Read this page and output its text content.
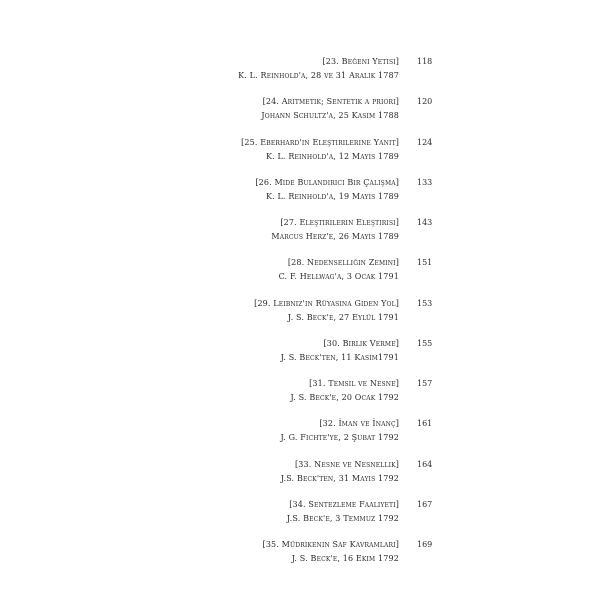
[23. Beğeni Yetisi]
K. L. Reinhold'a, 28 ve 31 Aralık 1787
118
[24. Aritmetik; Sentetik a priori]
Johann Schultz'a, 25 Kasım 1788
120
[25. Eberhard'ın Eleştirilerine Yanıt]
K. L. Reinhold'a, 12 Mayıs 1789
124
[26. Mide Bulandırıcı Bir Çalışma]
K. L. Reinhold'a, 19 Mayıs 1789
133
[27. Eleştirilerin Eleştirisi]
Marcus Herz'e, 26 Mayıs 1789
143
[28. Nedenselliğin Zemini]
C. F. Hellwag'a, 3 Ocak 1791
151
[29. Leibniz'in Rüyasına Giden Yol]
J. S. Beck'e, 27 Eylül 1791
153
[30. Birlik Verme]
J. S. Beck'ten, 11 Kasım1791
155
[31. Temsil ve Nesne]
J. S. Beck'e, 20 Ocak 1792
157
[32. İman ve İnanç]
J. G. Fichte'ye, 2 Şubat 1792
161
[33. Nesne ve Nesnellik]
J.S. Beck'ten, 31 Mayıs 1792
164
[34. Sentezleme Faaliyeti]
J.S. Beck'e, 3 Temmuz 1792
167
[35. Müdrikenin Saf Kavramları]
J. S. Beck'e, 16 Ekim 1792
169
